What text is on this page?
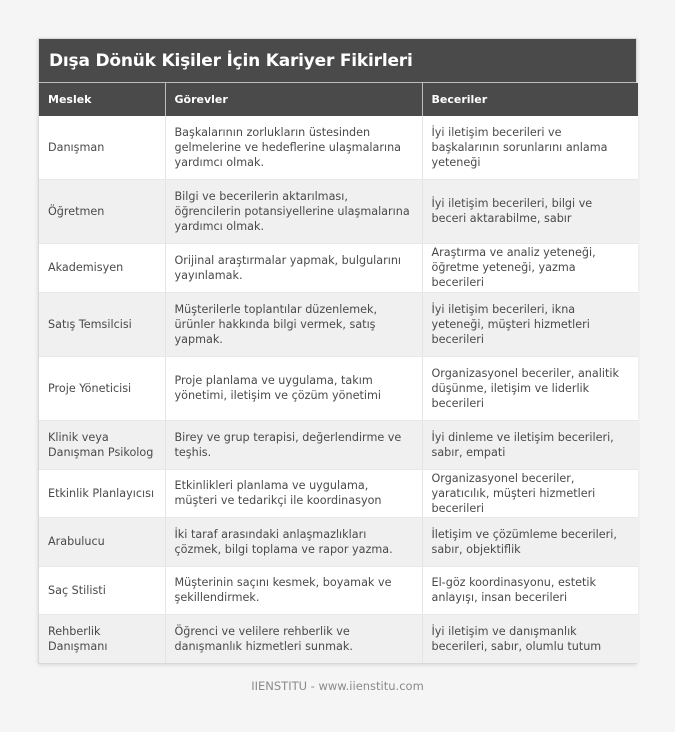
Dışa Dönük Kişiler İçin Kariyer Fikirleri
Meslek	Görevler	Beceriler
Danışman	Başkalarının zorlukların üstesinden gelmelerine ve hedeflerine ulaşmalarına yardımcı olmak.	İyi iletişim becerileri ve başkalarının sorunlarını anlama yeteneği
Öğretmen	Bilgi ve becerilerin aktarılması, öğrencilerin potansiyellerine ulaşmalarına yardımcı olmak.	İyi iletişim becerileri, bilgi ve beceri aktarabilme, sabır
Akademisyen	Orijinal araştırmalar yapmak, bulgularını yayınlamak.	Araştırma ve analiz yeteneği, öğretme yeteneği, yazma becerileri
Satış Temsilcisi	Müşterilerle toplantılar düzenlemek, ürünler hakkında bilgi vermek, satış yapmak.	İyi iletişim becerileri, ikna yeteneği, müşteri hizmetleri becerileri
Proje Yöneticisi	Proje planlama ve uygulama, takım yönetimi, iletişim ve çözüm yönetimi	Organizasyonel beceriler, analitik düşünme, iletişim ve liderlik becerileri
Klinik veya Danışman Psikolog	Birey ve grup terapisi, değerlendirme ve teşhis.	İyi dinleme ve iletişim becerileri, sabır, empati
Etkinlik Planlayıcısı	Etkinlikleri planlama ve uygulama, müşteri ve tedarikçi ile koordinasyon	Organizasyonel beceriler, yaratıcılık, müşteri hizmetleri becerileri
Arabulucu	İki taraf arasındaki anlaşmazlıkları çözmek, bilgi toplama ve rapor yazma.	İletişim ve çözümleme becerileri, sabır, objektiflik
Saç Stilisti	Müşterinin saçını kesmek, boyamak ve şekillendirmek.	El-göz koordinasyonu, estetik anlayışı, insan becerileri
Rehberlik Danışmanı	Öğrenci ve velilere rehberlik ve danışmanlık hizmetleri sunmak.	İyi iletişim ve danışmanlık becerileri, sabır, olumlu tutum
IIENSTITU - www.iienstitu.com
